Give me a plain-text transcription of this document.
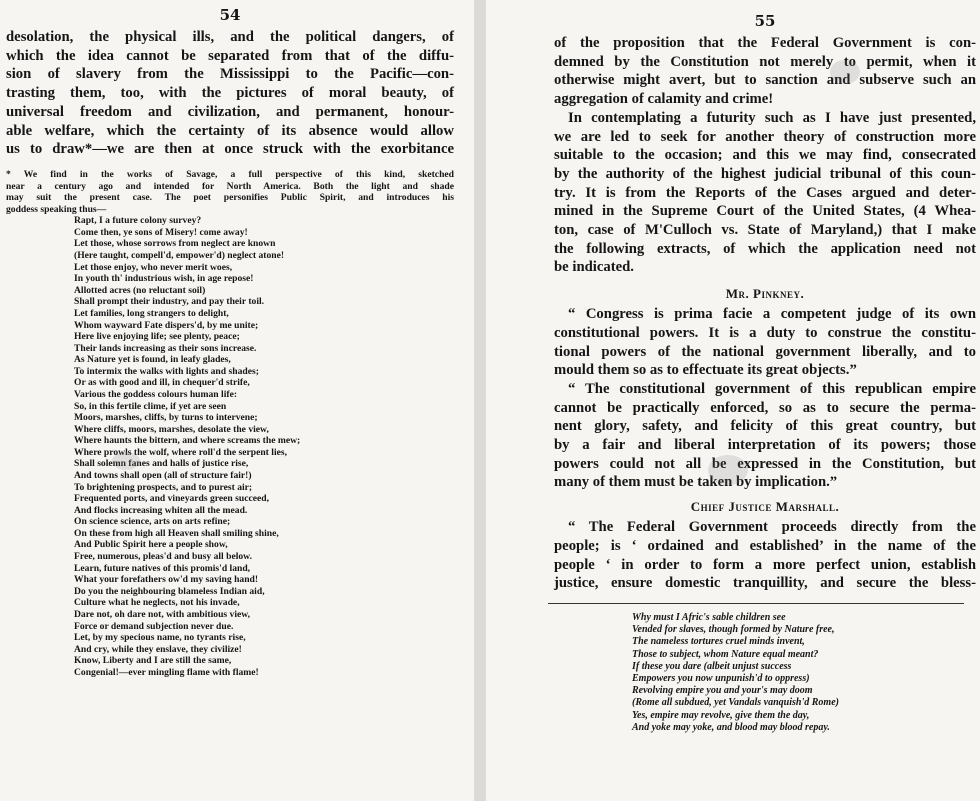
54
desolation, the physical ills, and the political dangers, of
which the idea cannot be separated from that of the diffu-
sion of slavery from the Mississippi to the Pacific—con-
trasting them, too, with the pictures of moral beauty, of
universal freedom and civilization, and permanent, honour-
able welfare, which the certainty of its absence would allow
us to draw*—we are then at once struck with the exorbitance
* We find in the works of Savage, a full perspective of this kind, sketched
near a century ago and intended for North America. Both the light and shade
may suit the present case. The poet personifies Public Spirit, and introduces his
goddess speaking thus—
Rapt, I a future colony survey?
Come then, ye sons of Misery! come away!
Let those, whose sorrows from neglect are known
(Here taught, compell'd, empower'd) neglect atone!
Let those enjoy, who never merit woes,
In youth th' industrious wish, in age repose!
Allotted acres (no reluctant soil)
Shall prompt their industry, and pay their toil.
Let families, long strangers to delight,
Whom wayward Fate dispers'd, by me unite;
Here live enjoying life; see plenty, peace;
Their lands increasing as their sons increase.
As Nature yet is found, in leafy glades,
To intermix the walks with lights and shades;
Or as with good and ill, in chequer'd strife,
Various the goddess colours human life:
So, in this fertile clime, if yet are seen
Moors, marshes, cliffs, by turns to intervene;
Where cliffs, moors, marshes, desolate the view,
Where haunts the bittern, and where screams the mew;
Where prowls the wolf, where roll'd the serpent lies,
Shall solemn fanes and halls of justice rise,
And towns shall open (all of structure fair!)
To brightening prospects, and to purest air;
Frequented ports, and vineyards green succeed,
And flocks increasing whiten all the mead.
On science science, arts on arts refine;
On these from high all Heaven shall smiling shine,
And Public Spirit here a people show,
Free, numerous, pleas'd and busy all below.
Learn, future natives of this promis'd land,
What your forefathers ow'd my saving hand!
Do you the neighbouring blameless Indian aid,
Culture what he neglects, not his invade,
Dare not, oh dare not, with ambitious view,
Force or demand subjection never due.
Let, by my specious name, no tyrants rise,
And cry, while they enslave, they civilize!
Know, Liberty and I are still the same,
Congenial!—ever mingling flame with flame!
55
of the proposition that the Federal Government is con-
demned by the Constitution not merely to permit, when it
otherwise might avert, but to sanction and subserve such an
aggregation of calamity and crime!
In contemplating a futurity such as I have just presented,
we are led to seek for another theory of construction more
suitable to the occasion; and this we may find, consecrated
by the authority of the highest judicial tribunal of this coun-
try. It is from the Reports of the Cases argued and deter-
mined in the Supreme Court of the United States, (4 Whea-
ton, case of M'Culloch vs. State of Maryland,) that I make
the following extracts, of which the application need not
be indicated.
Mr. Pinkney.
“ Congress is prima facie a competent judge of its own
constitutional powers. It is a duty to construe the constitu-
tional powers of the national government liberally, and to
mould them so as to effectuate its great objects.”
“ The constitutional government of this republican empire
cannot be practically enforced, so as to secure the perma-
nent glory, safety, and felicity of this great country, but
by a fair and liberal interpretation of its powers; those
powers could not all be expressed in the Constitution, but
many of them must be taken by implication.”
Chief Justice Marshall.
“ The Federal Government proceeds directly from the
people; is ‘ ordained and established’ in the name of the
people ‘ in order to form a more perfect union, establish
justice, ensure domestic tranquillity, and secure the bless-
Why must I Afric's sable children see
Vended for slaves, though formed by Nature free,
The nameless tortures cruel minds invent,
Those to subject, whom Nature equal meant?
If these you dare (albeit unjust success
Empowers you now unpunish'd to oppress)
Revolving empire you and your's may doom
(Rome all subdued, yet Vandals vanquish'd Rome)
Yes, empire may revolve, give them the day,
And yoke may yoke, and blood may blood repay.
